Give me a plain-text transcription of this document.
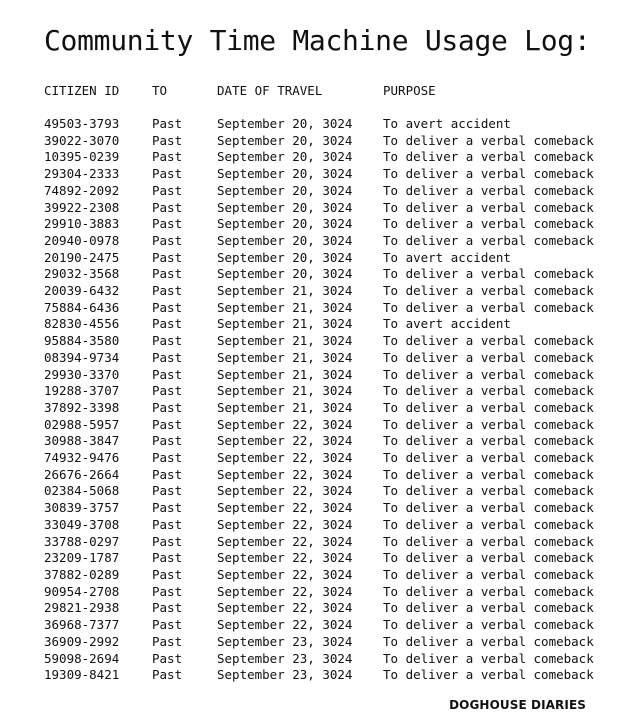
Community Time Machine Usage Log:
CITIZEN ID	TO	DATE OF TRAVEL	PURPOSE
49503-3793	Past	September 20, 3024	To avert accident
39022-3070	Past	September 20, 3024	To deliver a verbal comeback
10395-0239	Past	September 20, 3024	To deliver a verbal comeback
29304-2333	Past	September 20, 3024	To deliver a verbal comeback
74892-2092	Past	September 20, 3024	To deliver a verbal comeback
39922-2308	Past	September 20, 3024	To deliver a verbal comeback
29910-3883	Past	September 20, 3024	To deliver a verbal comeback
20940-0978	Past	September 20, 3024	To deliver a verbal comeback
20190-2475	Past	September 20, 3024	To avert accident
29032-3568	Past	September 20, 3024	To deliver a verbal comeback
20039-6432	Past	September 21, 3024	To deliver a verbal comeback
75884-6436	Past	September 21, 3024	To deliver a verbal comeback
82830-4556	Past	September 21, 3024	To avert accident
95884-3580	Past	September 21, 3024	To deliver a verbal comeback
08394-9734	Past	September 21, 3024	To deliver a verbal comeback
29930-3370	Past	September 21, 3024	To deliver a verbal comeback
19288-3707	Past	September 21, 3024	To deliver a verbal comeback
37892-3398	Past	September 21, 3024	To deliver a verbal comeback
02988-5957	Past	September 22, 3024	To deliver a verbal comeback
30988-3847	Past	September 22, 3024	To deliver a verbal comeback
74932-9476	Past	September 22, 3024	To deliver a verbal comeback
26676-2664	Past	September 22, 3024	To deliver a verbal comeback
02384-5068	Past	September 22, 3024	To deliver a verbal comeback
30839-3757	Past	September 22, 3024	To deliver a verbal comeback
33049-3708	Past	September 22, 3024	To deliver a verbal comeback
33788-0297	Past	September 22, 3024	To deliver a verbal comeback
23209-1787	Past	September 22, 3024	To deliver a verbal comeback
37882-0289	Past	September 22, 3024	To deliver a verbal comeback
90954-2708	Past	September 22, 3024	To deliver a verbal comeback
29821-2938	Past	September 22, 3024	To deliver a verbal comeback
36968-7377	Past	September 22, 3024	To deliver a verbal comeback
36909-2992	Past	September 23, 3024	To deliver a verbal comeback
59098-2694	Past	September 23, 3024	To deliver a verbal comeback
19309-8421	Past	September 23, 3024	To deliver a verbal comeback
DOGHOUSE DIARIES
